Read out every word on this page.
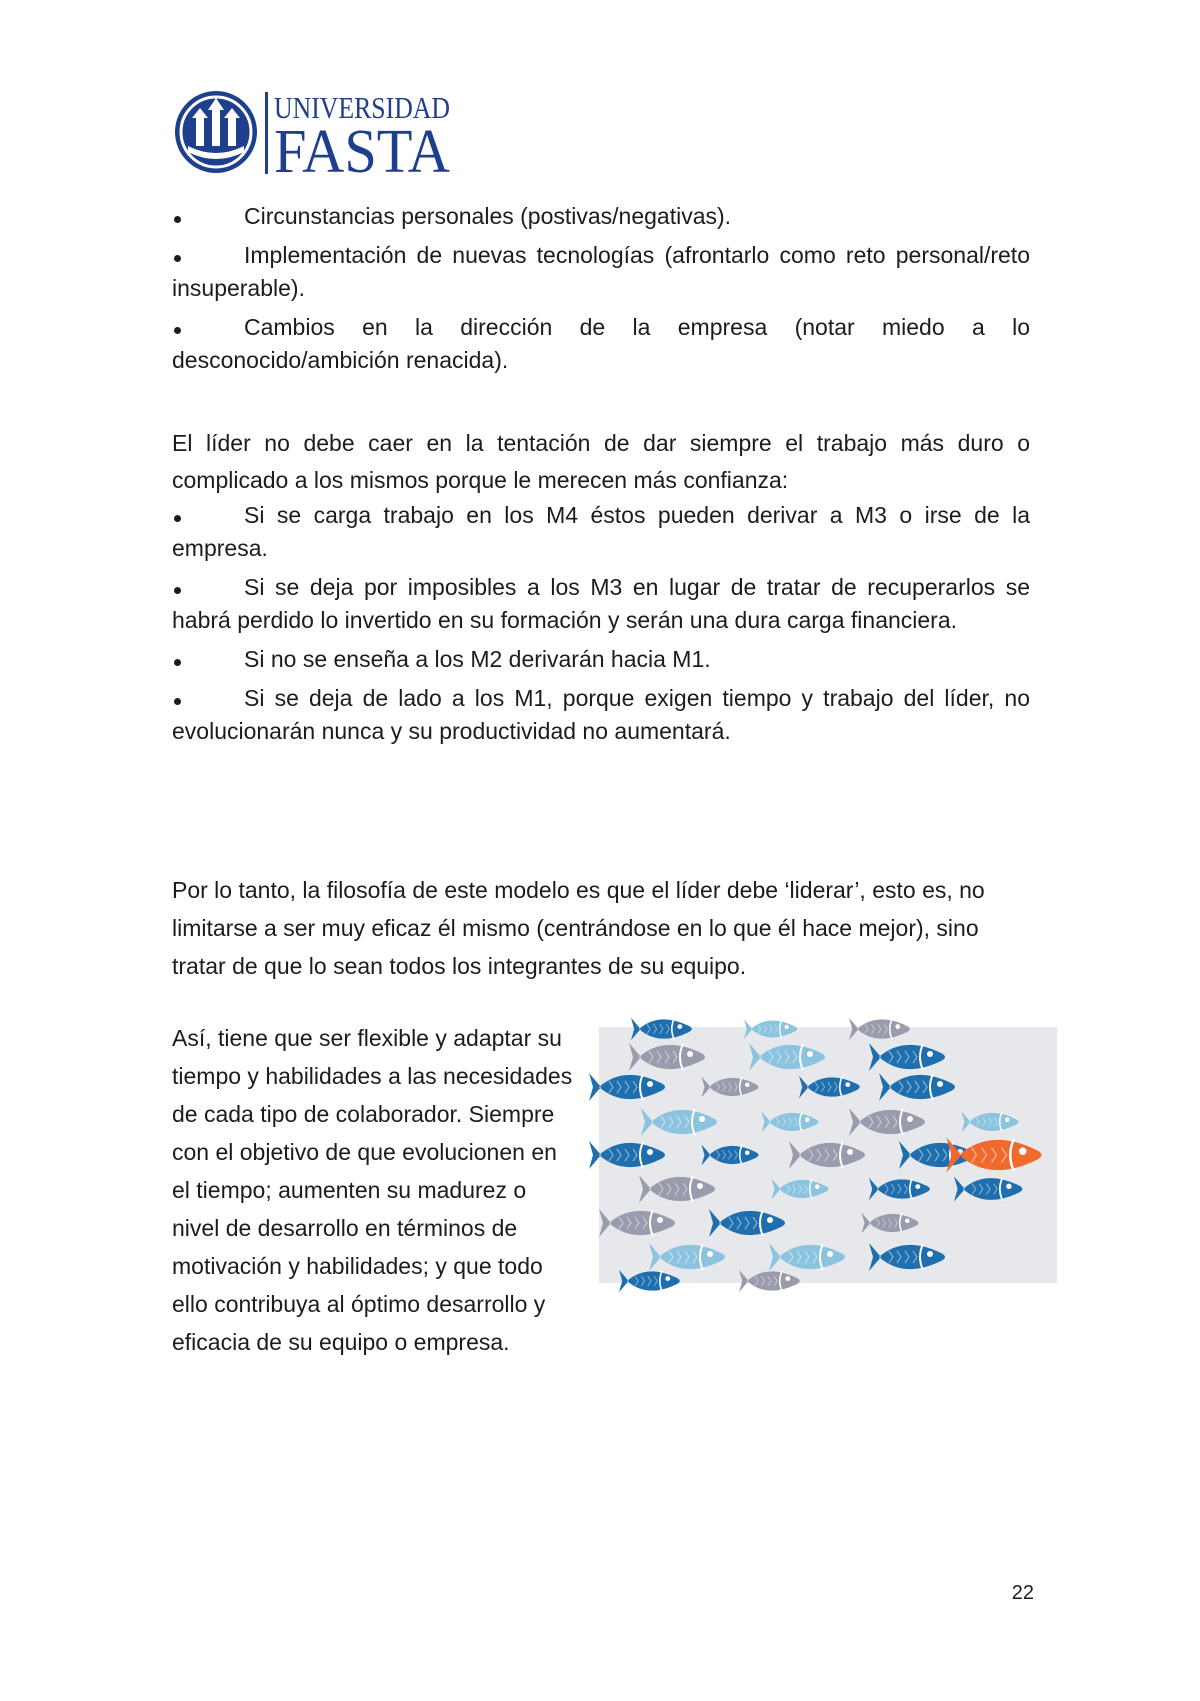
UNIVERSIDAD
FASTA
Circunstancias personales (postivas/negativas).
Implementación de nuevas tecnologías (afrontarlo como reto personal/reto insuperable).
Cambios en la dirección de la empresa (notar miedo a lo desconocido/ambición renacida).

El líder no debe caer en la tentación de dar siempre el trabajo más duro o complicado a los mismos porque le merecen más confianza:

Si se carga trabajo en los M4 éstos pueden derivar a M3 o irse de la empresa.
Si se deja por imposibles a los M3 en lugar de tratar de recuperarlos se habrá perdido lo invertido en su formación y serán una dura carga financiera.
Si no se enseña a los M2 derivarán hacia M1.
Si se deja de lado a los M1, porque exigen tiempo y trabajo del líder, no evolucionarán nunca y su productividad no aumentará.

Por lo tanto, la filosofía de este modelo es que el líder debe ‘liderar’, esto es, no limitarse a ser muy eficaz él mismo (centrándose en lo que él hace mejor), sino tratar de que lo sean todos los integrantes de su equipo.

Así, tiene que ser flexible y adaptar su tiempo y habilidades a las necesidades de cada tipo de colaborador. Siempre con el objetivo de que evolucionen en el tiempo; aumenten su madurez o nivel de desarrollo en términos de motivación y habilidades; y que todo ello contribuya al óptimo desarrollo y eficacia de su equipo o empresa.

22
